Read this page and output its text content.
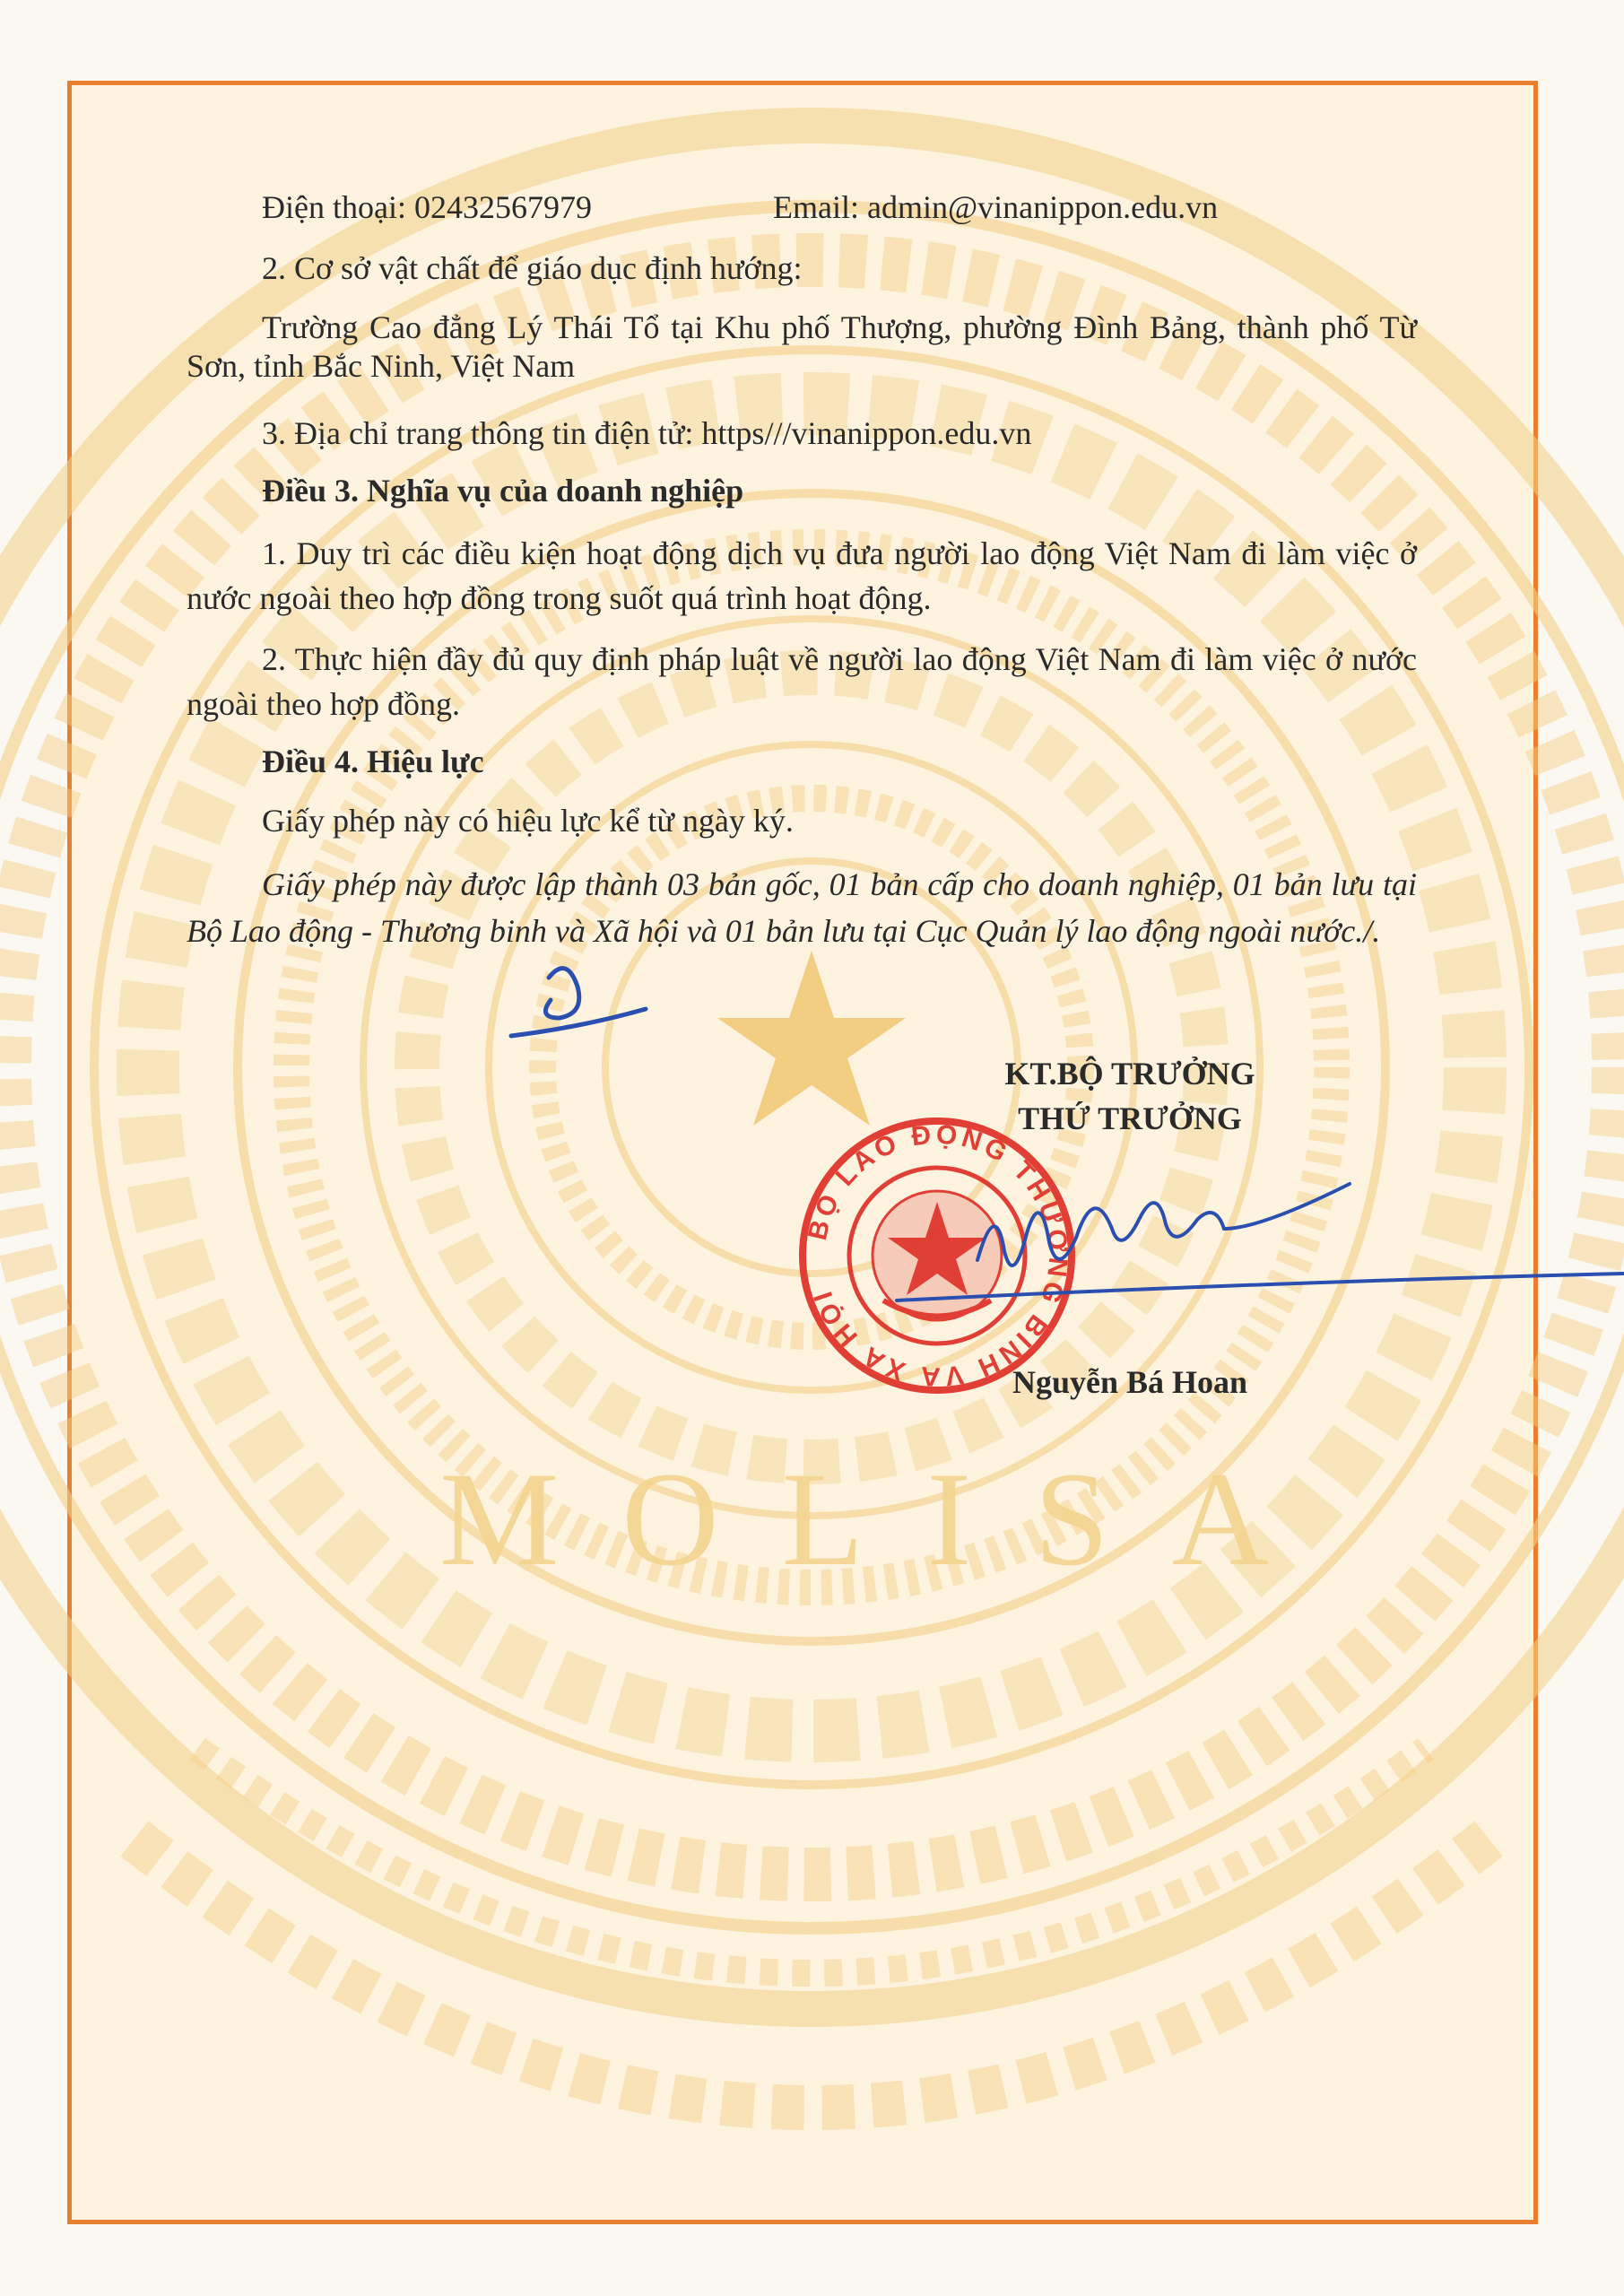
BỘ LAO ĐỘNG THƯƠNG BINH VÀ XÃ HỘI
MOLISA
Điện thoại: 02432567979	Email: admin@vinanippon.edu.vn
2. Cơ sở vật chất để giáo dục định hướng:
Trường Cao đẳng Lý Thái Tổ tại Khu phố Thượng, phường Đình Bảng, thành phố Từ Sơn, tỉnh Bắc Ninh, Việt Nam
3. Địa chỉ trang thông tin điện tử: https///vinanippon.edu.vn
Điều 3. Nghĩa vụ của doanh nghiệp
1. Duy trì các điều kiện hoạt động dịch vụ đưa người lao động Việt Nam đi làm việc ở nước ngoài theo hợp đồng trong suốt quá trình hoạt động.
2. Thực hiện đầy đủ quy định pháp luật về người lao động Việt Nam đi làm việc ở nước ngoài theo hợp đồng.
Điều 4. Hiệu lực
Giấy phép này có hiệu lực kể từ ngày ký.
Giấy phép này được lập thành 03 bản gốc, 01 bản cấp cho doanh nghiệp, 01 bản lưu tại Bộ Lao động - Thương binh và Xã hội và 01 bản lưu tại Cục Quản lý lao động ngoài nước./.
KT.BỘ TRƯỞNG
THỨ TRƯỞNG
Nguyễn Bá Hoan
